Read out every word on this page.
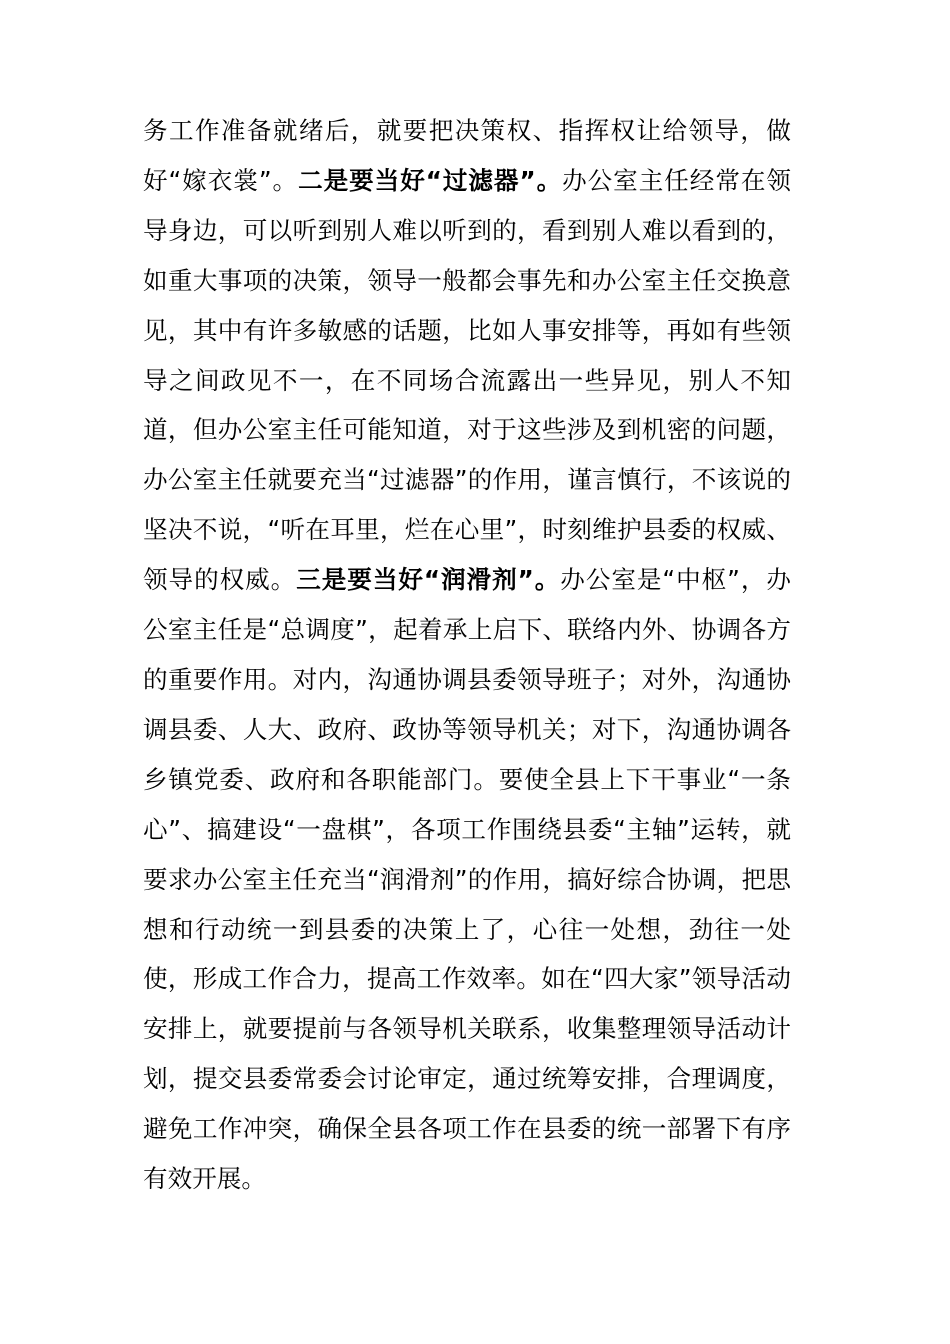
务工作准备就绪后，就要把决策权、指挥权让给领导，做好“嫁衣裳”。二是要当好“过滤器”。办公室主任经常在领导身边，可以听到别人难以听到的，看到别人难以看到的，如重大事项的决策，领导一般都会事先和办公室主任交换意见，其中有许多敏感的话题，比如人事安排等，再如有些领导之间政见不一，在不同场合流露出一些异见，别人不知道，但办公室主任可能知道，对于这些涉及到机密的问题，办公室主任就要充当“过滤器”的作用，谨言慎行，不该说的坚决不说，“听在耳里，烂在心里”，时刻维护县委的权威、领导的权威。三是要当好“润滑剂”。办公室是“中枢”，办公室主任是“总调度”，起着承上启下、联络内外、协调各方的重要作用。对内，沟通协调县委领导班子；对外，沟通协调县委、人大、政府、政协等领导机关；对下，沟通协调各乡镇党委、政府和各职能部门。要使全县上下干事业“一条心”、搞建设“一盘棋”，各项工作围绕县委“主轴”运转，就要求办公室主任充当“润滑剂”的作用，搞好综合协调，把思想和行动统一到县委的决策上了，心往一处想，劲往一处使，形成工作合力，提高工作效率。如在“四大家”领导活动安排上，就要提前与各领导机关联系，收集整理领导活动计划，提交县委常委会讨论审定，通过统筹安排，合理调度，避免工作冲突，确保全县各项工作在县委的统一部署下有序有效开展。
